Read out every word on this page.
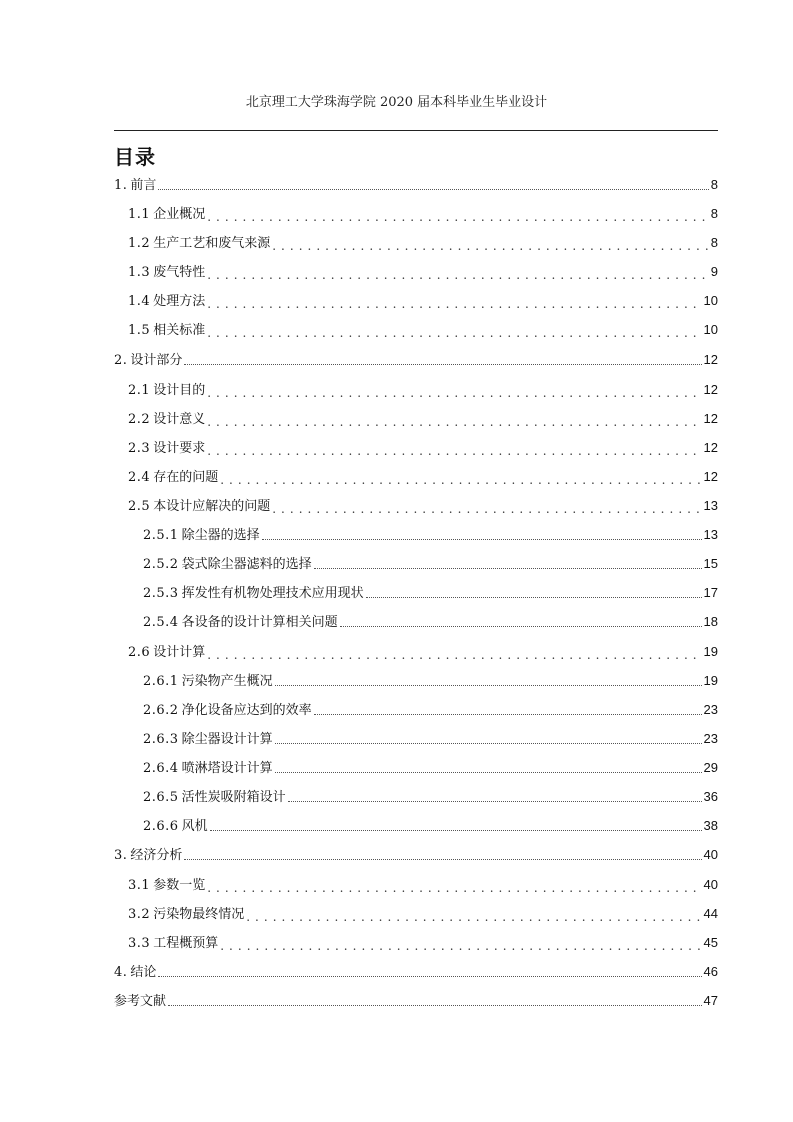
北京理工大学珠海学院 2020 届本科毕业生毕业设计
目录
1. 前言	8
1.1 企业概况 . . .	8
1.2 生产工艺和废气来源 . . .	8
1.3 废气特性 . . .	9
1.4 处理方法 . . .	10
1.5 相关标准 . . .	10
2. 设计部分	12
2.1 设计目的 . . .	12
2.2 设计意义 . . .	12
2.3 设计要求 . . .	12
2.4 存在的问题 . . .	12
2.5 本设计应解决的问题 . . .	13
2.5.1 除尘器的选择	13
2.5.2 袋式除尘器滤料的选择	15
2.5.3 挥发性有机物处理技术应用现状	17
2.5.4 各设备的设计计算相关问题	18
2.6 设计计算 . . .	19
2.6.1 污染物产生概况	19
2.6.2 净化设备应达到的效率	23
2.6.3 除尘器设计计算	23
2.6.4 喷淋塔设计计算	29
2.6.5 活性炭吸附箱设计	36
2.6.6 风机	38
3. 经济分析	40
3.1 参数一览 . . .	40
3.2 污染物最终情况 . . .	44
3.3 工程概预算 . . .	45
4. 结论	46
参考文献	47
